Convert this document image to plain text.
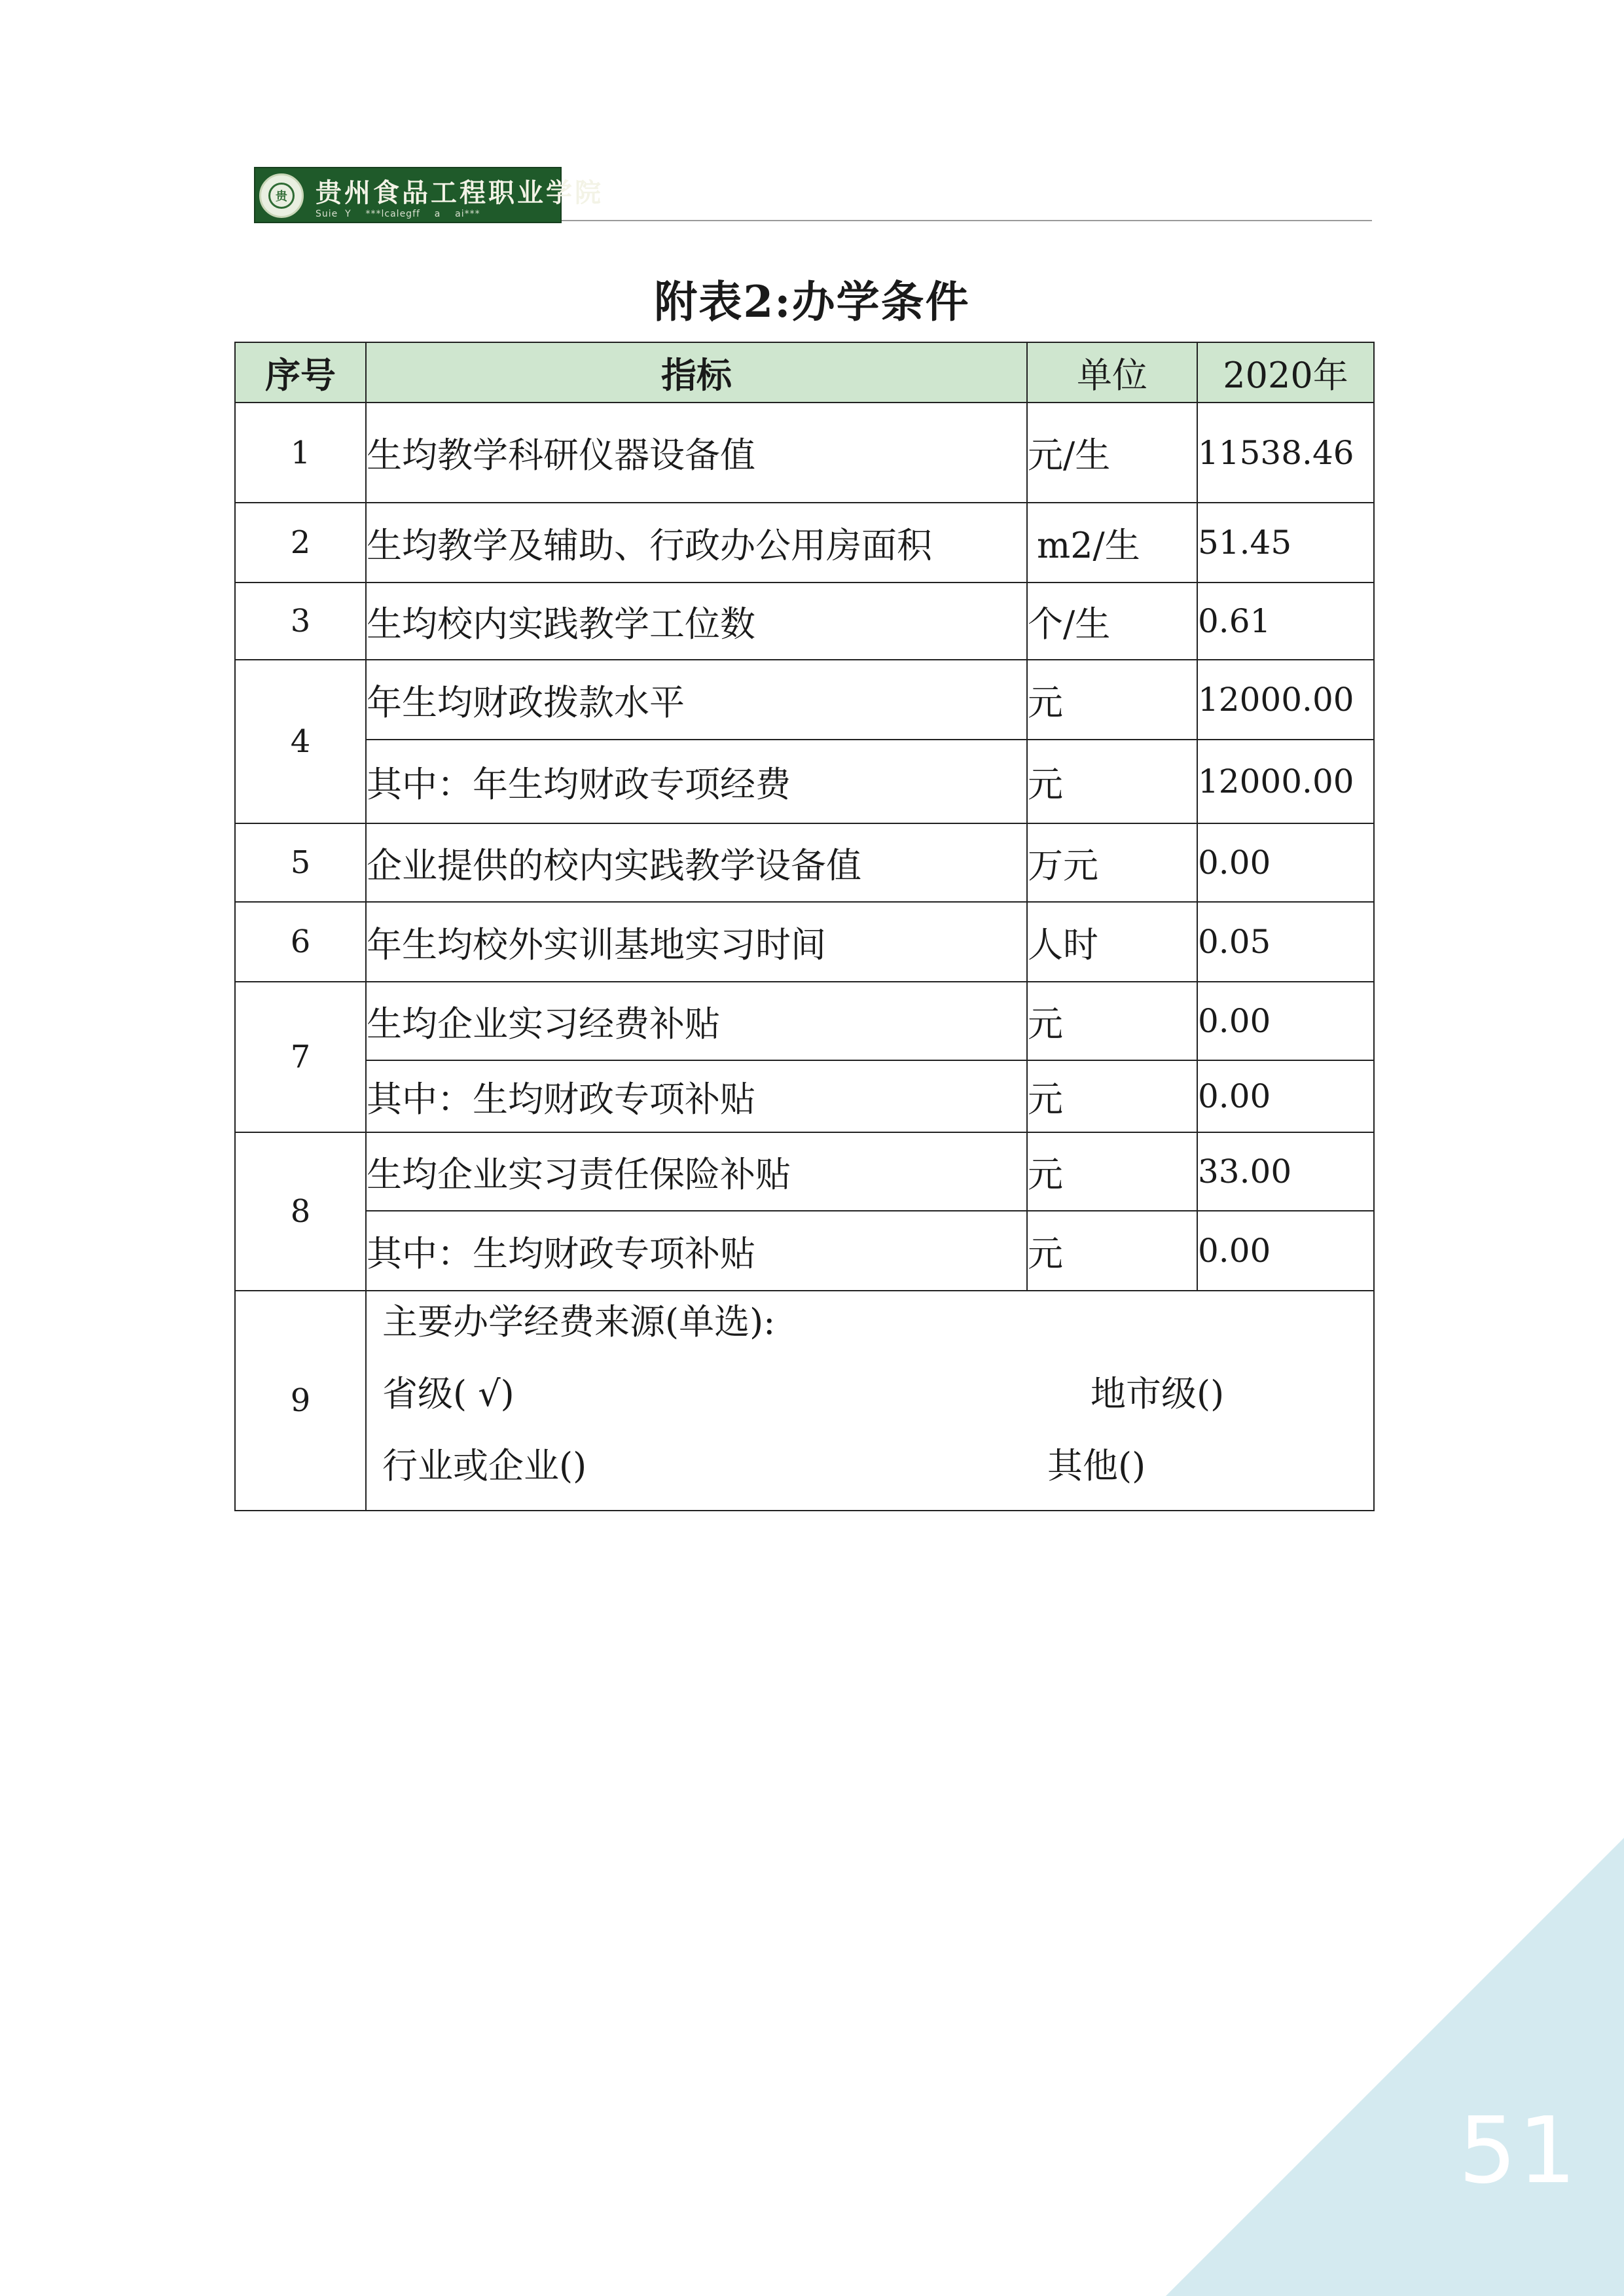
贵 贵州食品工程职业学院
Suie  Y    ***lcalegff    a    ai***
附表2:办学条件
序号	指标	单位	2020年
1	生均教学科研仪器设备值	元/生	11538.46
2	生均教学及辅助、行政办公用房面积	m2/生	51.45
3	生均校内实践教学工位数	个/生	0.61
4	年生均财政拨款水平	元	12000.00
	其中：年生均财政专项经费	元	12000.00
5	企业提供的校内实践教学设备值	万元	0.00
6	年生均校外实训基地实习时间	人时	0.05
7	生均企业实习经费补贴	元	0.00
	其中：生均财政专项补贴	元	0.00
8	生均企业实习责任保险补贴	元	33.00
	其中：生均财政专项补贴	元	0.00
9	主要办学经费来源(单选):
省级( √) 地市级()
行业或企业() 其他()		
51
